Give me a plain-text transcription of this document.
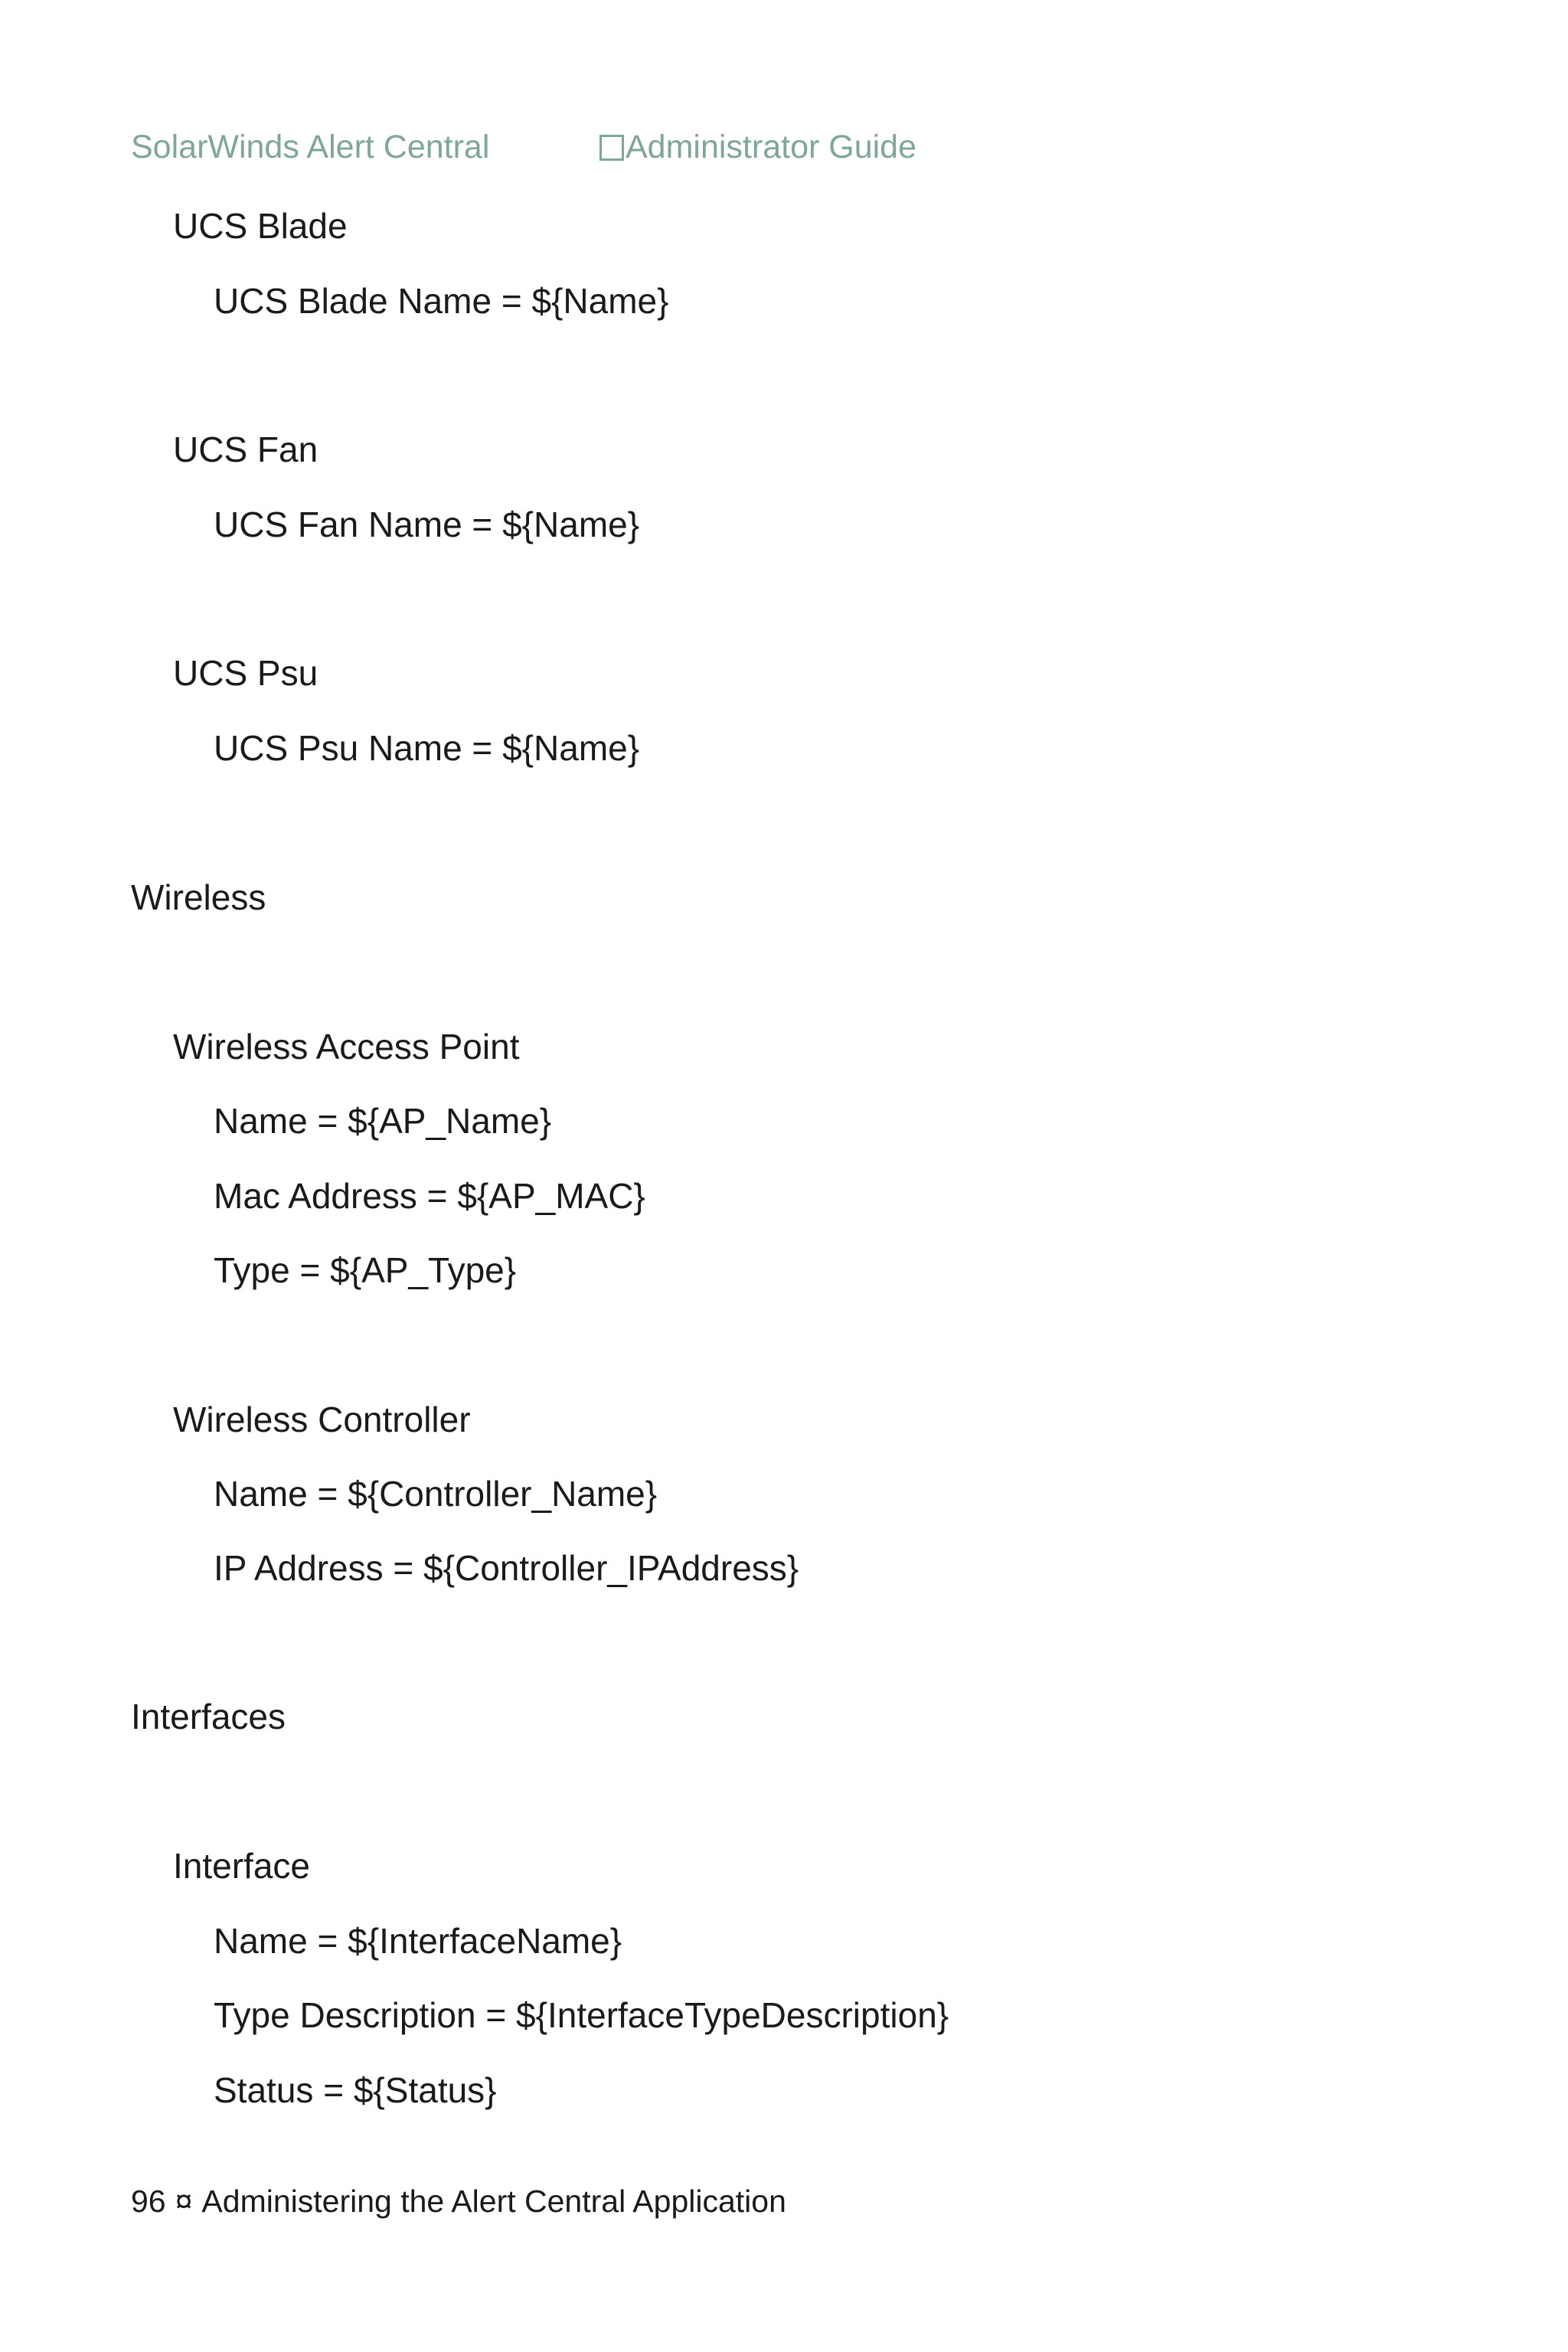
SolarWinds Alert Central	Administrator Guide
UCS Blade
UCS Blade Name = ${Name}
UCS Fan
UCS Fan Name = ${Name}
UCS Psu
UCS Psu Name = ${Name}
Wireless
Wireless Access Point
Name = ${AP_Name}
Mac Address = ${AP_MAC}
Type = ${AP_Type}
Wireless Controller
Name = ${Controller_Name}
IP Address = ${Controller_IPAddress}
Interfaces
Interface
Name = ${InterfaceName}
Type Description = ${InterfaceTypeDescription}
Status = ${Status}
96 ¤ Administering the Alert Central Application
